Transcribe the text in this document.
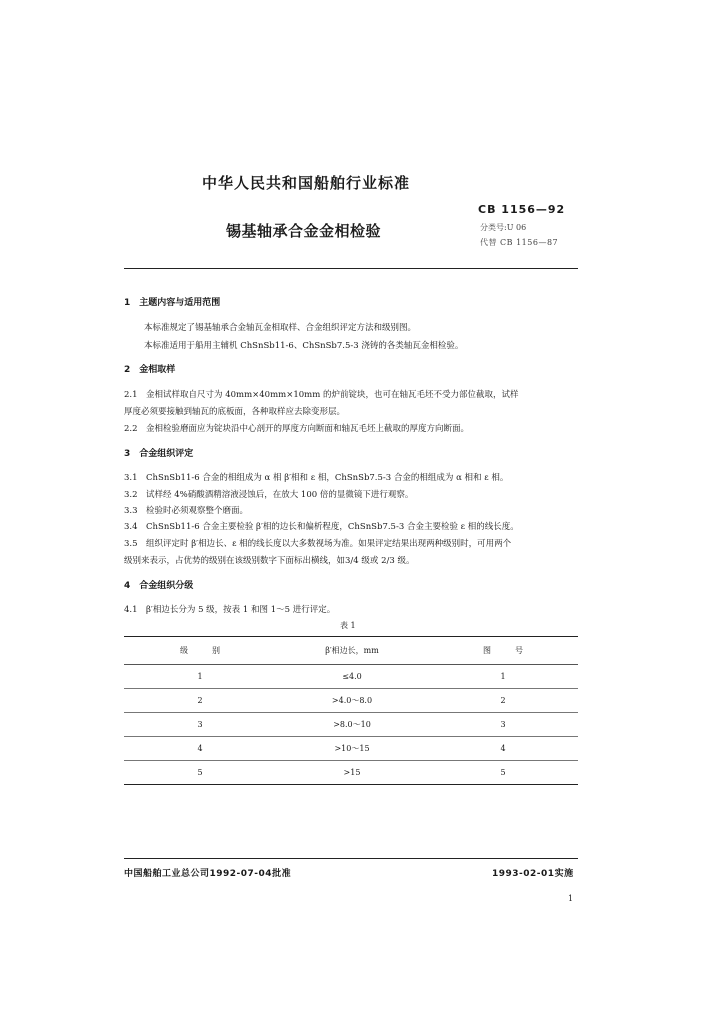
中华人民共和国船舶行业标准
锡基轴承合金金相检验
CB 1156—92
分类号:U 06
代替 CB 1156—87
1　主题内容与适用范围
本标准规定了锡基轴承合金轴瓦金相取样、合金组织评定方法和级别图。
本标准适用于船用主辅机 ChSnSb11-6、ChSnSb7.5-3 浇铸的各类轴瓦金相检验。
2　金相取样
2.1　金相试样取自尺寸为 40mm×40mm×10mm 的炉前锭块，也可在轴瓦毛坯不受力部位截取，试样
厚度必须要接触到轴瓦的底板面，各种取样应去除变形层。
2.2　金相检验磨面应为锭块沿中心剖开的厚度方向断面和轴瓦毛坯上截取的厚度方向断面。
3　合金组织评定
3.1　ChSnSb11-6 合金的相组成为 α 相 β′相和 ε 相，ChSnSb7.5-3 合金的相组成为 α 相和 ε 相。
3.2　试样经 4%硝酸酒精溶液浸蚀后，在放大 100 倍的显微镜下进行观察。
3.3　检验时必须观察整个磨面。
3.4　ChSnSb11-6 合金主要检验 β′相的边长和偏析程度，ChSnSb7.5-3 合金主要检验 ε 相的线长度。
3.5　组织评定时 β′相边长、ε 相的线长度以大多数视场为准。如果评定结果出现两种级别时，可用两个
级别来表示，占优势的级别在该级别数字下面标出横线，如3/4 级或 2/3 级。
4　合金组织分级
4.1　β′相边长分为 5 级，按表 1 和图 1～5 进行评定。
表 1
级　　　别	β′相边长，mm	图　　　号
1	≤4.0	1
2	>4.0～8.0	2
3	>8.0～10	3
4	>10～15	4
5	>15	5
中国船舶工业总公司1992-07-04批准	1993-02-01实施
1
